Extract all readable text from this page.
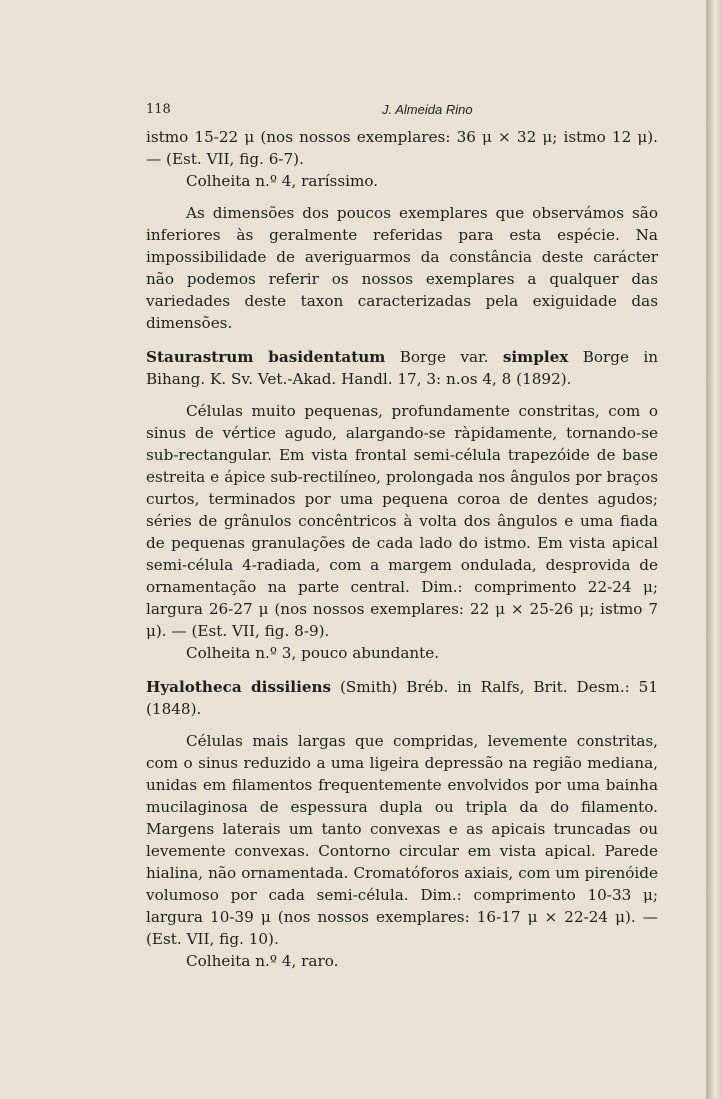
118	J. Almeida Rino

istmo 15-22 μ (nos nossos exemplares: 36 μ × 32 μ; istmo 12 μ). — (Est. VII, fig. 6-7).

Colheita n.º 4, raríssimo.

As dimensões dos poucos exemplares que observámos são inferiores às geralmente referidas para esta espécie. Na impossibilidade de averiguarmos da constância deste carácter não podemos referir os nossos exemplares a qualquer das variedades deste taxon caracterizadas pela exiguidade das dimensões.

Staurastrum basidentatum Borge var. simplex Borge in Bihang. K. Sv. Vet.-Akad. Handl. 17, 3: n.os 4, 8 (1892).

Células muito pequenas, profundamente constritas, com o sinus de vértice agudo, alargando-se ràpidamente, tornando-se sub-rectangular. Em vista frontal semi-célula trapezóide de base estreita e ápice sub-rectilíneo, prolongada nos ângulos por braços curtos, terminados por uma pequena coroa de dentes agudos; séries de grânulos concêntricos à volta dos ângulos e uma fiada de pequenas granulações de cada lado do istmo. Em vista apical semi-célula 4-radiada, com a margem ondulada, desprovida de ornamentação na parte central. Dim.: comprimento 22-24 μ; largura 26-27 μ (nos nossos exemplares: 22 μ × 25-26 μ; istmo 7 μ). — (Est. VII, fig. 8-9).

Colheita n.º 3, pouco abundante.

Hyalotheca dissiliens (Smith) Bréb. in Ralfs, Brit. Desm.: 51 (1848).

Células mais largas que compridas, levemente constritas, com o sinus reduzido a uma ligeira depressão na região mediana, unidas em filamentos frequentemente envolvidos por uma bainha mucilaginosa de espessura dupla ou tripla da do filamento. Margens laterais um tanto convexas e as apicais truncadas ou levemente convexas. Contorno circular em vista apical. Parede hialina, não ornamentada. Cromatóforos axiais, com um pirenóide volumoso por cada semi-célula. Dim.: comprimento 10-33 μ; largura 10-39 μ (nos nossos exemplares: 16-17 μ × 22-24 μ). — (Est. VII, fig. 10).

Colheita n.º 4, raro.
